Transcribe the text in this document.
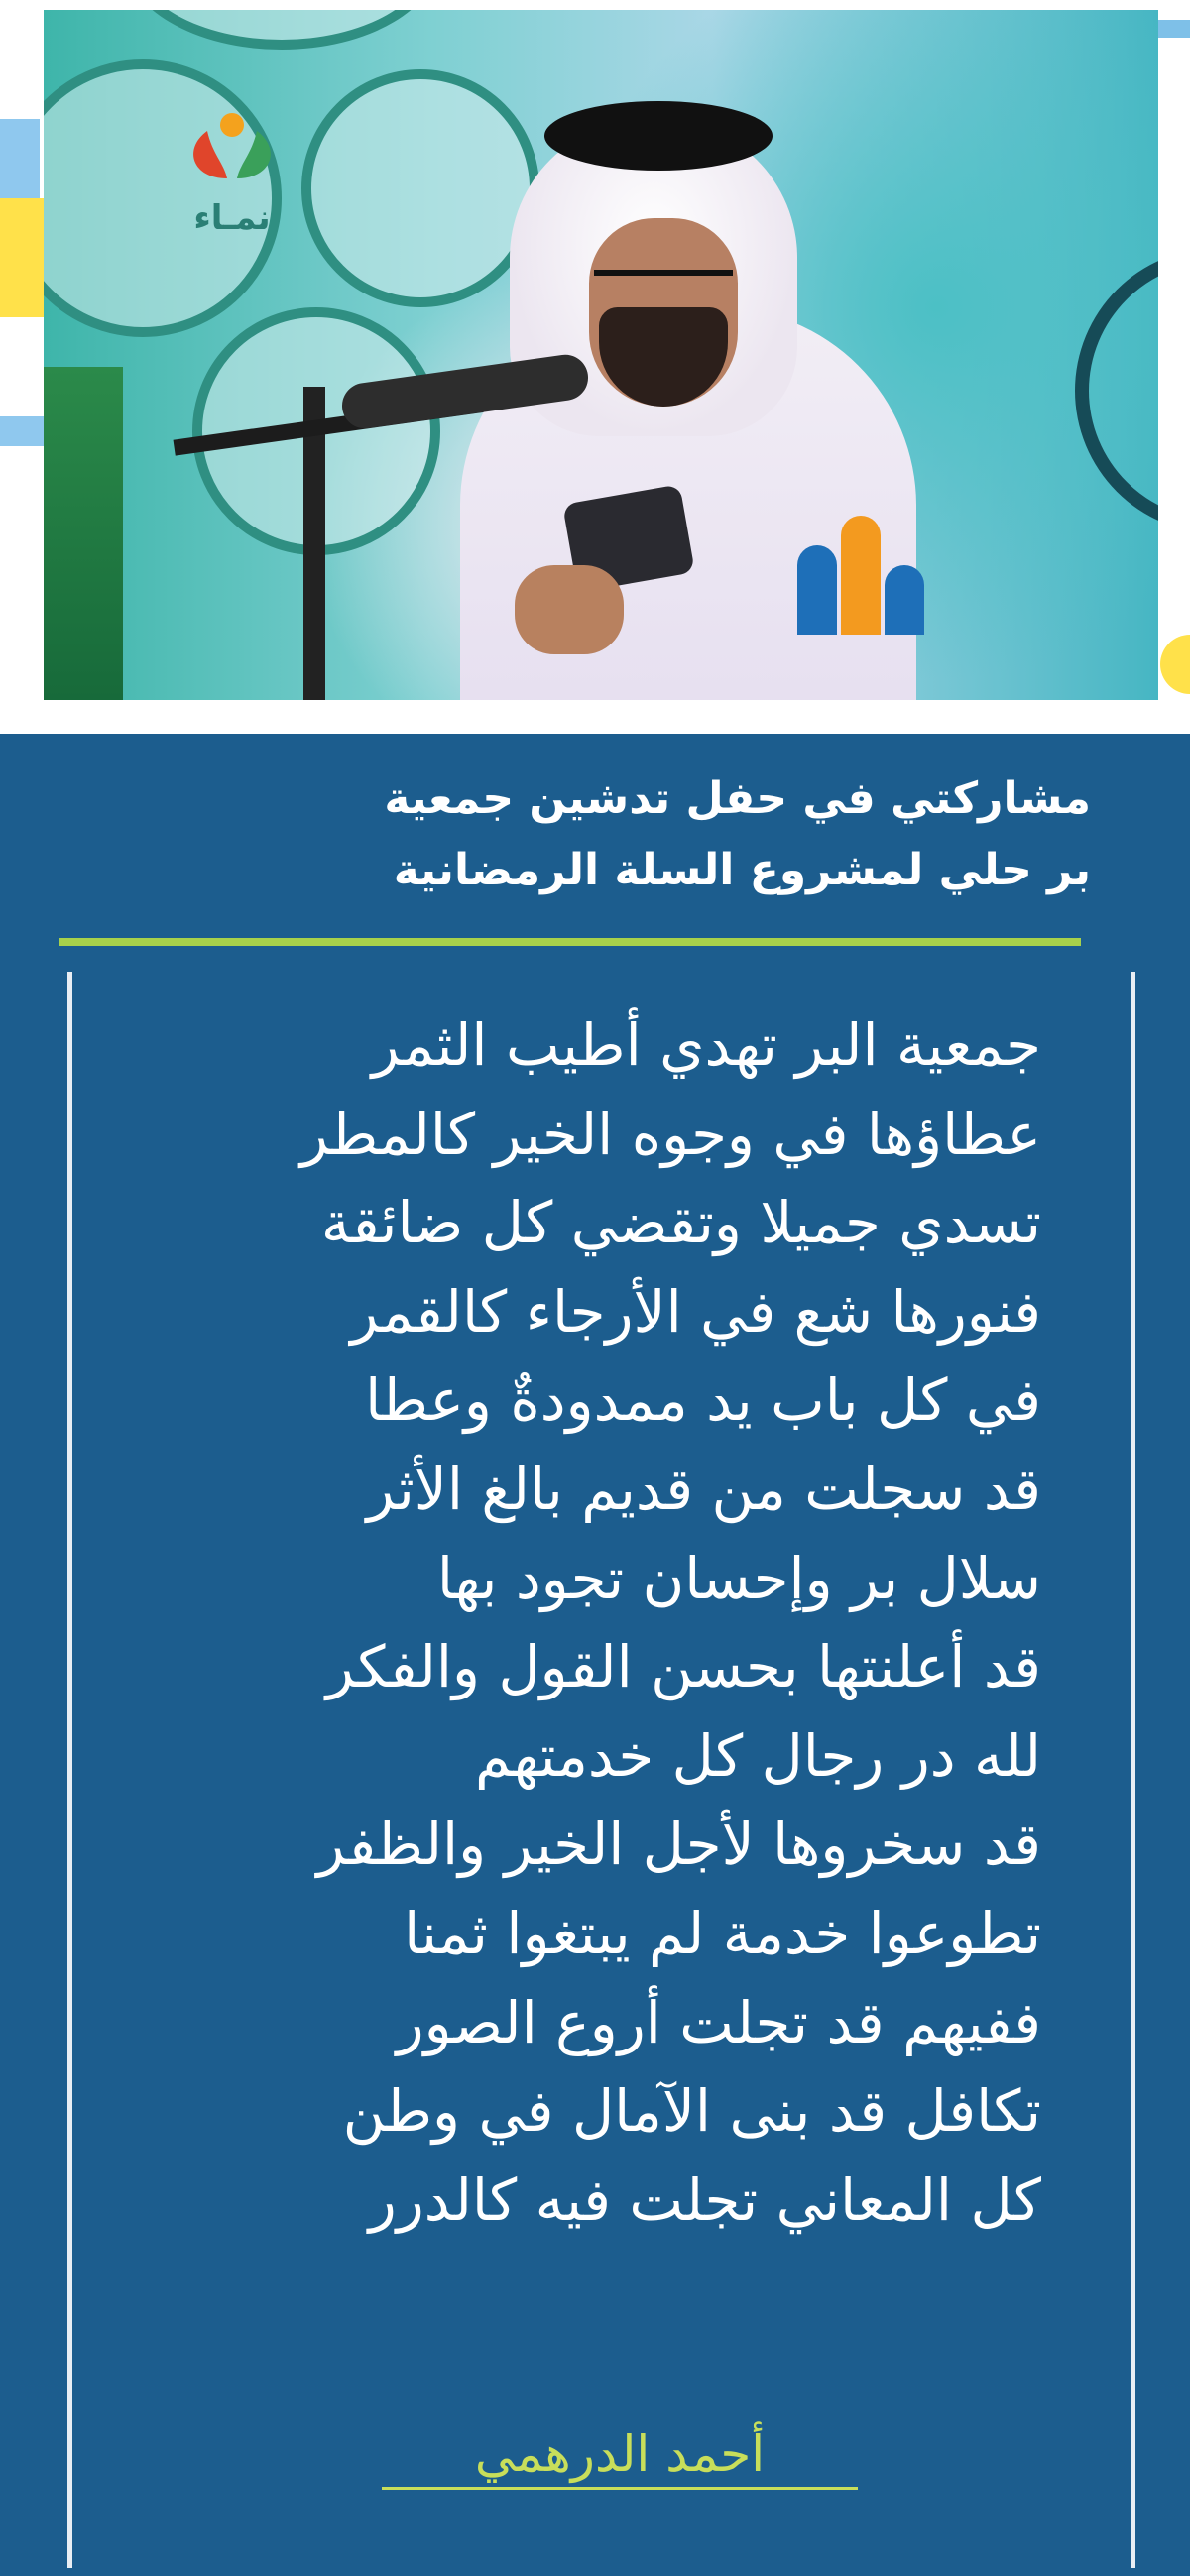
نمـاء
مشاركتي في حفل تدشين جمعية
بر حلي لمشروع السلة الرمضانية
جمعية البر تهدي أطيب الثمر
عطاؤها في وجوه الخير كالمطر
تسدي جميلا وتقضي كل ضائقة
فنورها شع في الأرجاء كالقمر
في كل باب يد ممدودةٌ وعطا
قد سجلت من قديم بالغ الأثر
سلال بر وإحسان تجود بها
قد أعلنتها بحسن القول والفكر
لله در رجال كل خدمتهم
قد سخروها لأجل الخير والظفر
تطوعوا خدمة لم يبتغوا ثمنا
ففيهم قد تجلت أروع الصور
تكافل قد بنى الآمال في وطن
كل المعاني تجلت فيه كالدرر
أحمد الدرهمي
